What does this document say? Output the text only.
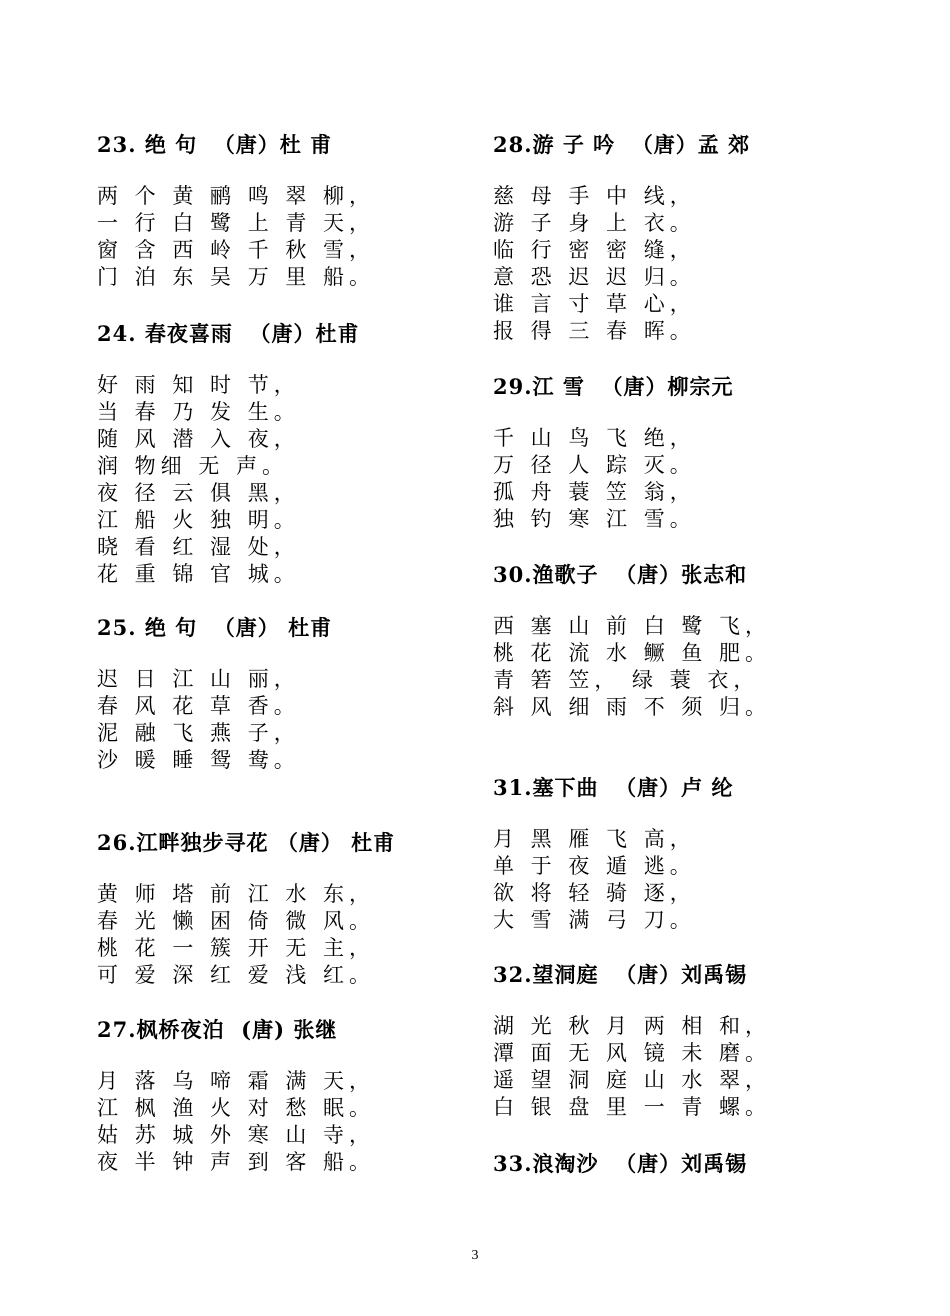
23. 绝 句  （唐）杜 甫
两 个 黄 鹂 鸣 翠 柳，
一 行 白 鹭 上 青 天，
窗 含 西 岭 千 秋 雪，
门 泊 东 吴 万 里 船。
24. 春夜喜雨  （唐）杜甫
好 雨 知 时 节，
当 春 乃 发 生。
随 风 潜 入 夜，
润 物细 无 声。
夜 径 云 俱 黑，
江 船 火 独 明。
晓 看 红 湿 处，
花 重 锦 官 城。
25. 绝 句  （唐） 杜甫
迟 日 江 山 丽，
春 风 花 草 香。
泥 融 飞 燕 子，
沙 暖 睡 鸳 鸯。
26.江畔独步寻花 （唐） 杜甫
黄 师 塔 前 江 水 东，
春 光 懒 困 倚 微 风。
桃 花 一 簇 开 无 主，
可 爱 深 红 爱 浅 红。
27.枫桥夜泊  (唐) 张继
月 落 乌 啼 霜 满 天，
江 枫 渔 火 对 愁 眠。
姑 苏 城 外 寒 山 寺，
夜 半 钟 声 到 客 船。
28.游 子 吟  （唐）孟 郊
慈 母 手 中 线，
游 子 身 上 衣。
临 行 密 密 缝，
意 恐 迟 迟 归。
谁 言 寸 草 心，
报 得 三 春 晖。
29.江 雪  （唐）柳宗元
千 山 鸟 飞 绝，
万 径 人 踪 灭。
孤 舟 蓑 笠 翁，
独 钓 寒 江 雪。
30.渔歌子  （唐）张志和
西 塞 山 前 白 鹭 飞，
桃 花 流 水 鳜 鱼 肥。
青 箬 笠， 绿 蓑 衣，
斜 风 细 雨 不 须 归。
31.塞下曲  （唐）卢 纶
月 黑 雁 飞 高，
单 于 夜 遁 逃。
欲 将 轻 骑 逐，
大 雪 满 弓 刀。
32.望洞庭  （唐）刘禹锡
湖 光 秋 月 两 相 和，
潭 面 无 风 镜 未 磨。
遥 望 洞 庭 山 水 翠，
白 银 盘 里 一 青 螺。
33.浪淘沙  （唐）刘禹锡
3
